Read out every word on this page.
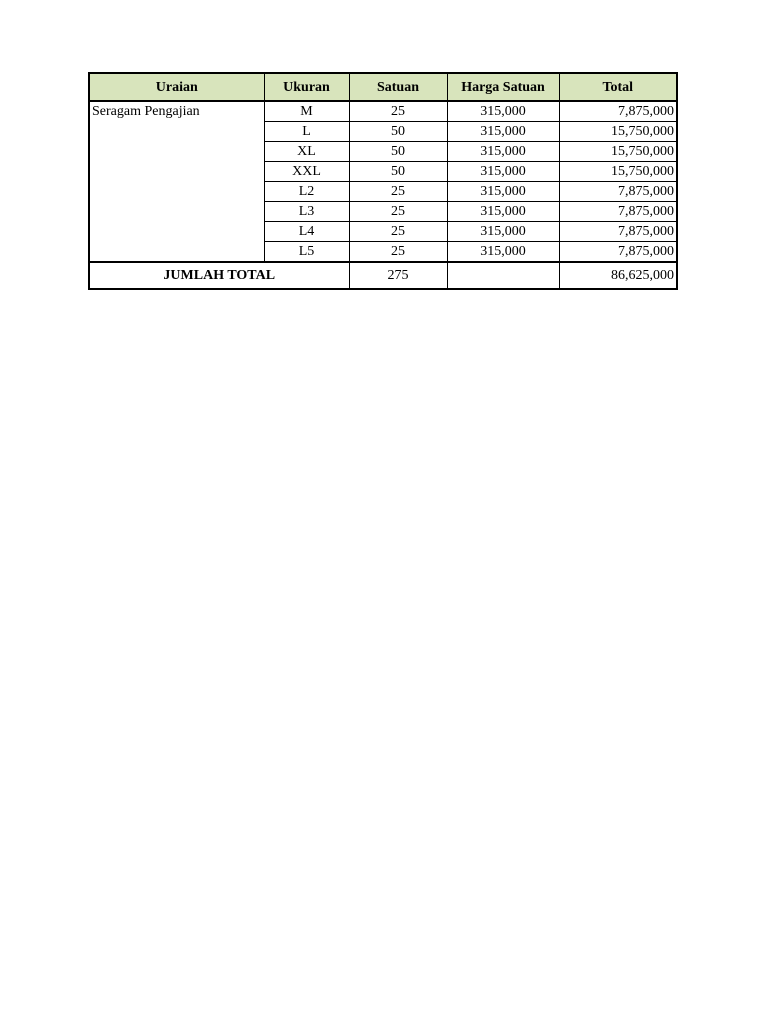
Uraian	Ukuran	Satuan	Harga Satuan	Total
Seragam Pengajian	M	25	315,000	7,875,000
	L	50	315,000	15,750,000
	XL	50	315,000	15,750,000
	XXL	50	315,000	15,750,000
	L2	25	315,000	7,875,000
	L3	25	315,000	7,875,000
	L4	25	315,000	7,875,000
	L5	25	315,000	7,875,000
JUMLAH TOTAL		275		86,625,000
